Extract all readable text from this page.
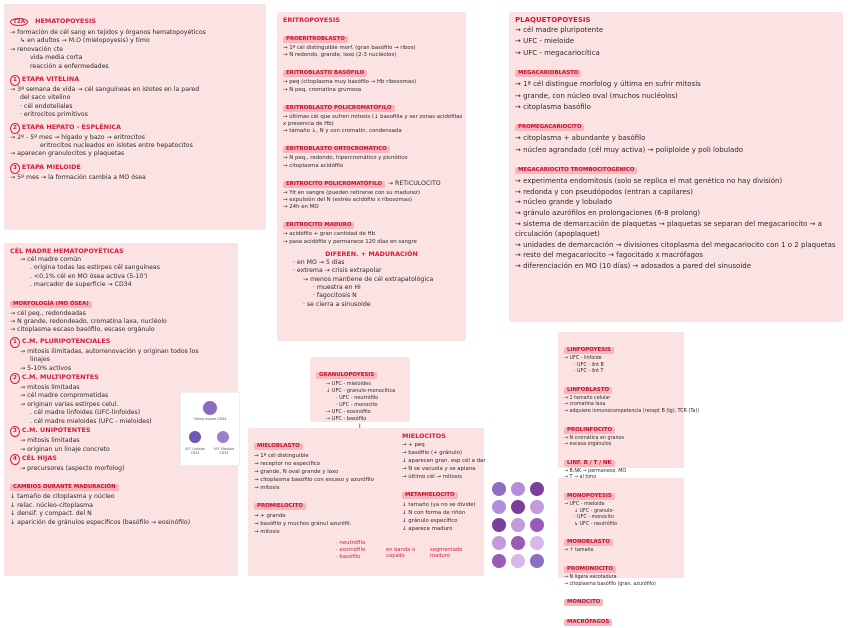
T2A HEMATOPOYESIS
→ formación de cél sang en tejidos y órganos hematopoyéticos
↳ en adultos → M.O (mielopoyesis) y timo
→ renovación cte
vida media corta
reacción a enfermedades
1 ETAPA VITELINA
→ 3ª semana de vida → cél sanguíneas en islotes en la pared
del saco vitelino
· cél endoteliales
· eritrocitos primitivos
2 ETAPA HEPATO - ESPLÉNICA
→ 2º - 5º mes → hígado y bazo → eritrocitos
eritrocitos nucleados en islotes entre hepatocitos
→ aparecen granulocitos y plaquetas
3 ETAPA MIELOIDE
→ 5º mes → la formación cambia a MO ósea
CÉL MADRE HEMATOPOYÉTICAS
→ cél madre común
. origina todas las estirpes cél sanguíneas
. <0,1% cél en MO ósea activa (5-10')
. marcador de superficie → CD34
MORFOLOGÍA (MO ÓSEA)
→ cél peq., redondeadas
→ N grande, redondeado, cromatina laxa, nucléolo
→ citoplasma escaso basófilo, escaso orgánulo
1 C.M. PLURIPOTENCIALES
→ mitosis ilimitadas, autorrenovación y originan todos los
linajes
→ 5-10% activos
2 C.M. MULTIPOTENTES
→ mitosis limitadas
→ cél madre comprometidas
→ originan varias estirpes celul.
. cél madre linfoides (UFC-linfoides)
. cél madre mieloides (UFC - mieloides)
3 C.M. UNIPOTENTES
→ mitosis limitadas
→ originan un linaje concreto
4 CÉL HIJAS
→ precursores (aspecto morfolog)
CAMBIOS DURANTE MADURACIÓN
↓ tamaño de citoplasma y núcleo
↓ relac. núcleo-citoplasma
↓ densif. y compact. del N
↓ aparición de gránulos específicos (basófilo → eosinófilo)
Célula madre CD34
UFC Linfoide CD34
UFC Mieloide CD34
ERITROPOYESIS
PROERITROBLASTO
→ 1ª cél distinguible morf. (gran basófilo → ribos)
→ N redondo, grande, laxo (2-3 nucléolos)
ERITROBLASTO BASÓFILO
→ peq (citoplasma muy basófilo → Hb ribosomas)
→ N peq, cromatina grumosa
ERITROBLASTO POLICROMATÓFILO
→ últimas cél que sufren mitosis (↓ basofilia y ser zonas acidófilas
x presencia de Hb)
→ tamaño ↓, N y con cromatin. condensada
ERITROBLASTO ORTOCROMÁTICO
→ N peq., redondo, hipercromático y picnótico
→ citoplasma acidófilo
ERITROCITO POLICROMATÓFILO → RETICULOCITO
→ Yit en sangre (pueden retirarse con su madurez)
→ expulsión del N (estrés acidófilo x ribosomas)
→ 24h en MO
ERITROCITO MADURO
→ acidófilo + gran cantidad de Hb
→ pasa acidófilo y permanece 120 días en sangre
DIFEREN. + MADURACIÓN
· en MO → 5 días
· extrema → crisis extrapolar
→ menos mantiene de cél extrapatológica
· muestra en Hi
· fagocitosis N
· se cierra a sinusoide
GRANULOPOYESIS
→ UFC - mieloides
↓ UFC - granulo-monocítica
· UFC - neutrófilo
· UFC - monocito
→ UFC - eosinófilo
→ UFC - basófilo
MIELOBLASTO
→ 1ª cél distinguible
→ receptor no específico
→ grande, N oval grande y laxo
→ citoplasma basófilo con escaso y azurófilo
→ mitosis
PROMIELOCITO
→ + grande
→ basófilo y muchos gránul azurófil.
→ mitosis
MIELOCITOS
→ + peq
→ basófilo (+ gránulo)
↓ aparecen gran. esp cél a dar
→ N se vacuola y se aplana
→ último cél → mitosis
METAMIELOCITO
↓ tamaño (ya no se divide)
↓ N con forma de riñón
↓ gránulo específico
↓ aparece maduro
· neutrófilo
· eosinófilo
· basófilo
en banda o cayado
segmentado maduro
PLAQUETOPOYESIS
→ cél madre pluripotente
→ UFC - mieloide
→ UFC - megacariocítica
MEGACARIOBLASTO
→ 1ª cél distingue morfolog y última en sufrir mitosis
→ grande, con núcleo oval (muchos nucléolos)
→ citoplasma basófilo
PROMEGACARIOCITO
→ citoplasma + abundante y basófilo
→ núcleo agrandado (cél muy activa) → poliploide y poli lobulado
MEGACARIOCITO TROMBOCITOGÉNICO
→ experimenta endomitosis (solo se replica el mat genético no hay división)
→ redonda y con pseudópodos (entran a capilares)
→ núcleo grande y lobulado
→ gránulo azurófilos en prolongaciones (6-8 prolong)
→ sistema de demarcación de plaquetas → plaquetas se separan del megacariocito → a circulación (apoplaquet)
→ unidades de demarcación → divisiones citoplasma del megacariocito con 1 o 2 plaquetas
→ resto del megacariocito → fagocitado x macrófagos
→ diferenciación en MO (10 días) → adosados a pared del sinusoide
LINFOPOYESIS
→ UFC - linfoide
· UFC - lint B
· UFC - lint T
LINFOBLASTO
→ 1 tamaño celular
→ cromatina laxa
→ adquiere inmunocompetencia (recept B (Ig), TCR (Ta))
PROLINFOCITO
→ N cromática en granos
→ escasa orgánulos
LINF. B / T / NK
→ B,NK → permanece, MO
MONOPOYESIS
→ UFC - mieloide
↓ UFC - granulo-
· UFC - monocito
↳ UFC - neutrófilo
MONOBLASTO
→ ↑ tamaño
PROMONOCITO
→ N ligera escotadura
→ citoplasma basófilo (gran. azurófilo)
MONOCITO
MACRÓFAGOS
